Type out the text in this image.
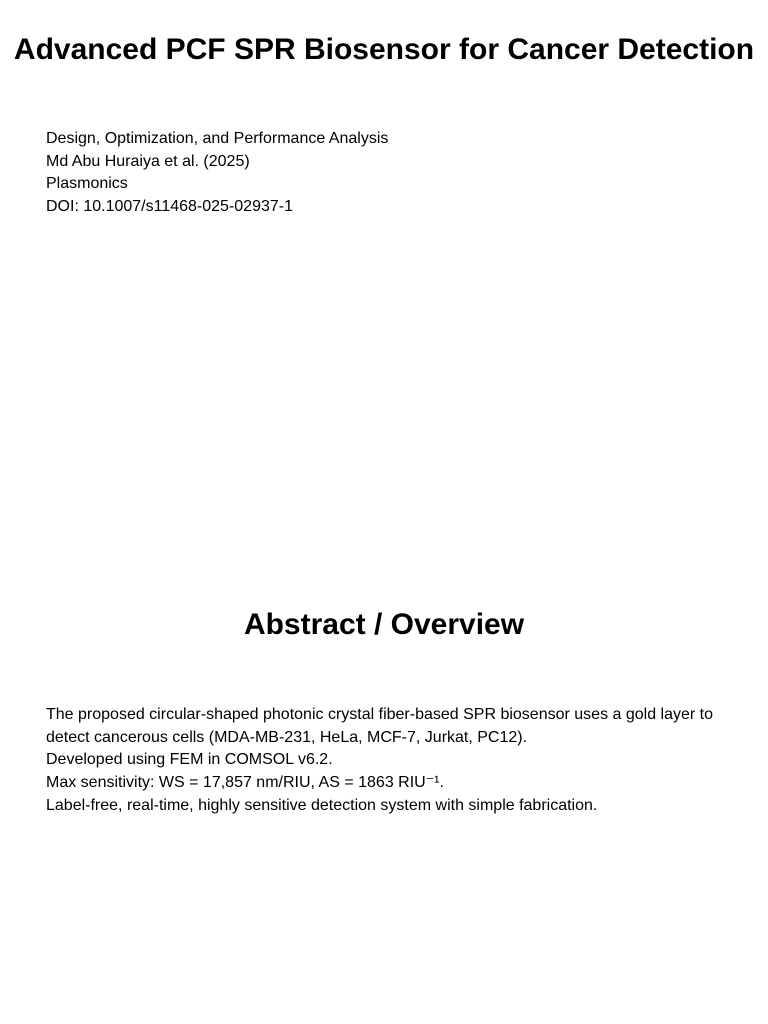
Advanced PCF SPR Biosensor for Cancer Detection
Design, Optimization, and Performance Analysis
Md Abu Huraiya et al. (2025)
Plasmonics
DOI: 10.1007/s11468-025-02937-1
Abstract / Overview
The proposed circular-shaped photonic crystal fiber-based SPR biosensor uses a gold layer to detect cancerous cells (MDA-MB-231, HeLa, MCF-7, Jurkat, PC12).
Developed using FEM in COMSOL v6.2.
Max sensitivity: WS = 17,857 nm/RIU, AS = 1863 RIU⁻¹.
Label-free, real-time, highly sensitive detection system with simple fabrication.
